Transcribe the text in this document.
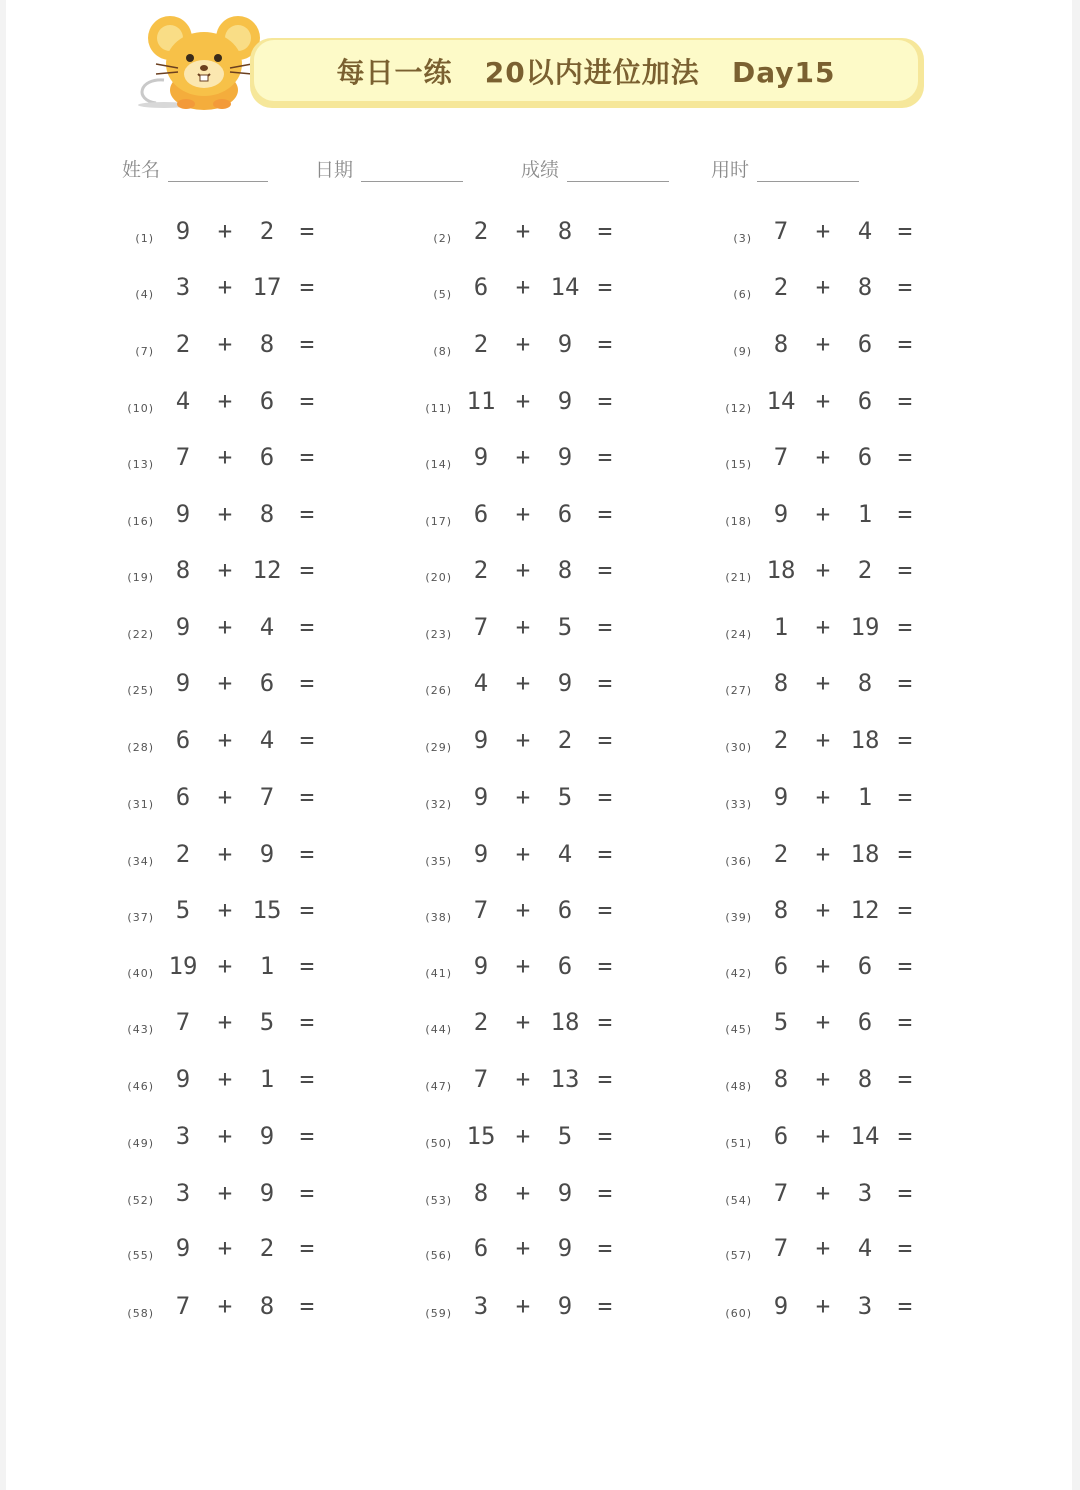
每日一练   20以内进位加法   Day15
姓名	日期	成绩	用时
(1) 9	+	2	=	(2) 2	+	8	=	(3) 7	+	4	=
(4) 3	+ 17 =	(5) 6	+ 14 =	(6) 2	+	8	=
(7) 2	+	8	=	(8) 2	+	9	=	(9) 8	+	6	=
(10) 4	+	6	=	(11) 11 +	9	=	(12) 14 +	6	=
(13) 7	+	6	=	(14) 9	+	9	=	(15) 7	+	6	=
(16) 9	+	8	=	(17) 6	+	6	=	(18) 9	+	1	=
(19) 8	+ 12 =	(20) 2	+	8	=	(21) 18 +	2	=
(22) 9	+	4	=	(23) 7	+	5	=	(24) 1	+ 19 =
(25) 9	+	6	=	(26) 4	+	9	=	(27) 8	+	8	=
(28) 6	+	4	=	(29) 9	+	2	=	(30) 2	+ 18 =
(31) 6	+	7	=	(32) 9	+	5	=	(33) 9	+	1	=
(34) 2	+	9	=	(35) 9	+	4	=	(36) 2	+ 18 =
(37) 5	+ 15 =	(38) 7	+	6	=	(39) 8	+ 12 =
(40) 19 +	1	=	(41) 9	+	6	=	(42) 6	+	6	=
(43) 7	+	5	=	(44) 2	+ 18 =	(45) 5	+	6	=
(46) 9	+	1	=	(47) 7	+ 13 =	(48) 8	+	8	=
(49) 3	+	9	=	(50) 15 +	5	=	(51) 6	+ 14 =
(52) 3	+	9	=	(53) 8	+	9	=	(54) 7	+	3	=
(55) 9	+	2	=	(56) 6	+	9	=	(57) 7	+	4	=
(58) 7	+	8	=	(59) 3	+	9	=	(60) 9	+	3	=
